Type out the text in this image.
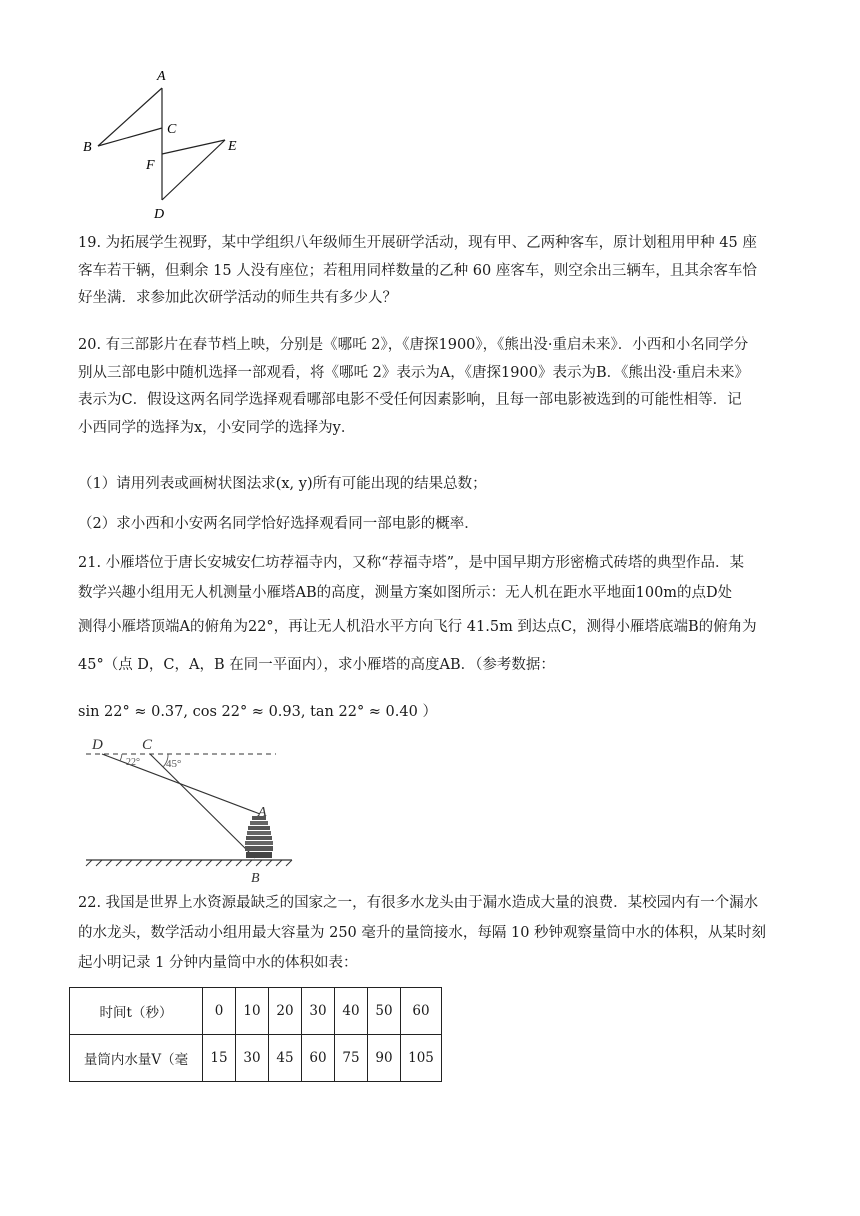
A
B
C
E
F
D
19. 为拓展学生视野，某中学组织八年级师生开展研学活动，现有甲、乙两种客车，原计划租用甲种 45 座
客车若干辆，但剩余 15 人没有座位；若租用同样数量的乙种 60 座客车，则空余出三辆车，且其余客车恰
好坐满．求参加此次研学活动的师生共有多少人？
20. 有三部影片在春节档上映，分别是《哪吒 2》，《唐探1900》，《熊出没·重启未来》．小西和小名同学分
别从三部电影中随机选择一部观看，将《哪吒 2》表示为A，《唐探1900》表示为B．《熊出没·重启未来》
表示为C．假设这两名同学选择观看哪部电影不受任何因素影响，且每一部电影被选到的可能性相等．记
小西同学的选择为x，小安同学的选择为y．
（1）请用列表或画树状图法求(x, y)所有可能出现的结果总数；
（2）求小西和小安两名同学恰好选择观看同一部电影的概率．
21. 小雁塔位于唐长安城安仁坊荐福寺内，又称“荐福寺塔”，是中国早期方形密檐式砖塔的典型作品．某
数学兴趣小组用无人机测量小雁塔AB的高度，测量方案如图所示：无人机在距水平地面100m的点D处
测得小雁塔顶端A的俯角为22°，再让无人机沿水平方向飞行 41.5m 到达点C，测得小雁塔底端B的俯角为
45°（点 D，C，A，B 在同一平面内），求小雁塔的高度AB．（参考数据：
sin 22° ≈ 0.37, cos 22° ≈ 0.93, tan 22° ≈ 0.40 ）
D	C
22° 45°
A
B
22. 我国是世界上水资源最缺乏的国家之一，有很多水龙头由于漏水造成大量的浪费．某校园内有一个漏水
的水龙头，数学活动小组用最大容量为 250 毫升的量筒接水，每隔 10 秒钟观察量筒中水的体积，从某时刻
起小明记录 1 分钟内量筒中水的体积如表：
时间t（秒）	0	10	20	30	40	50	60
量筒内水量V（毫	15	30	45	60	75	90	105
